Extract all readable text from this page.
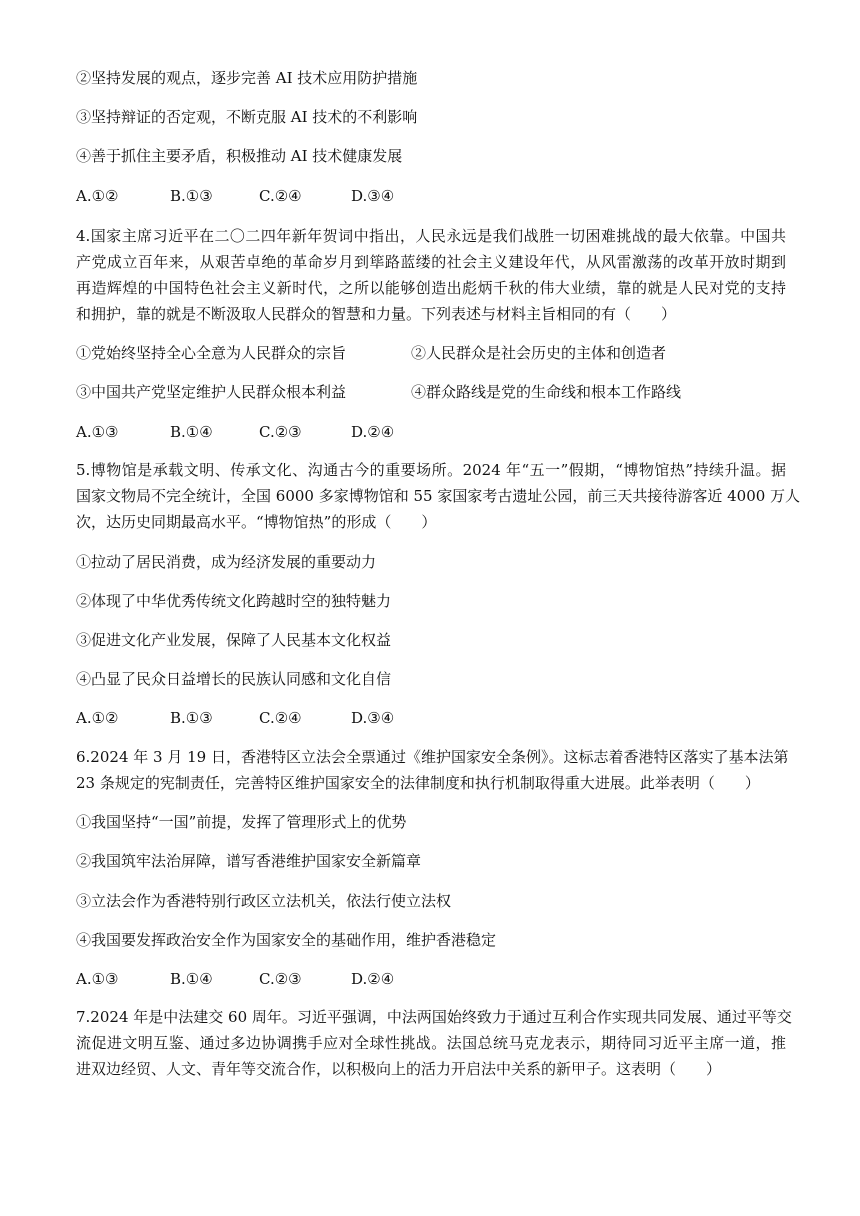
②坚持发展的观点，逐步完善 AI 技术应用防护措施
③坚持辩证的否定观，不断克服 AI 技术的不利影响
④善于抓住主要矛盾，积极推动 AI 技术健康发展
A.①②	B.①③	C.②④	D.③④
4.国家主席习近平在二〇二四年新年贺词中指出，人民永远是我们战胜一切困难挑战的最大依靠。中国共
产党成立百年来，从艰苦卓绝的革命岁月到筚路蓝缕的社会主义建设年代，从风雷激荡的改革开放时期到
再造辉煌的中国特色社会主义新时代，之所以能够创造出彪炳千秋的伟大业绩，靠的就是人民对党的支持
和拥护，靠的就是不断汲取人民群众的智慧和力量。下列表述与材料主旨相同的有（　　）
①党始终坚持全心全意为人民群众的宗旨	②人民群众是社会历史的主体和创造者
③中国共产党坚定维护人民群众根本利益	④群众路线是党的生命线和根本工作路线
A.①③	B.①④	C.②③	D.②④
5.博物馆是承载文明、传承文化、沟通古今的重要场所。2024 年“五一”假期，“博物馆热”持续升温。据
国家文物局不完全统计，全国 6000 多家博物馆和 55 家国家考古遗址公园，前三天共接待游客近 4000 万人
次，达历史同期最高水平。“博物馆热”的形成（　　）
①拉动了居民消费，成为经济发展的重要动力
②体现了中华优秀传统文化跨越时空的独特魅力
③促进文化产业发展，保障了人民基本文化权益
④凸显了民众日益增长的民族认同感和文化自信
A.①②	B.①③	C.②④	D.③④
6.2024 年 3 月 19 日，香港特区立法会全票通过《维护国家安全条例》。这标志着香港特区落实了基本法第
23 条规定的宪制责任，完善特区维护国家安全的法律制度和执行机制取得重大进展。此举表明（　　）
①我国坚持“一国”前提，发挥了管理形式上的优势
②我国筑牢法治屏障，谱写香港维护国家安全新篇章
③立法会作为香港特别行政区立法机关，依法行使立法权
④我国要发挥政治安全作为国家安全的基础作用，维护香港稳定
A.①③	B.①④	C.②③	D.②④
7.2024 年是中法建交 60 周年。习近平强调，中法两国始终致力于通过互利合作实现共同发展、通过平等交
流促进文明互鉴、通过多边协调携手应对全球性挑战。法国总统马克龙表示，期待同习近平主席一道，推
进双边经贸、人文、青年等交流合作，以积极向上的活力开启法中关系的新甲子。这表明（　　）
